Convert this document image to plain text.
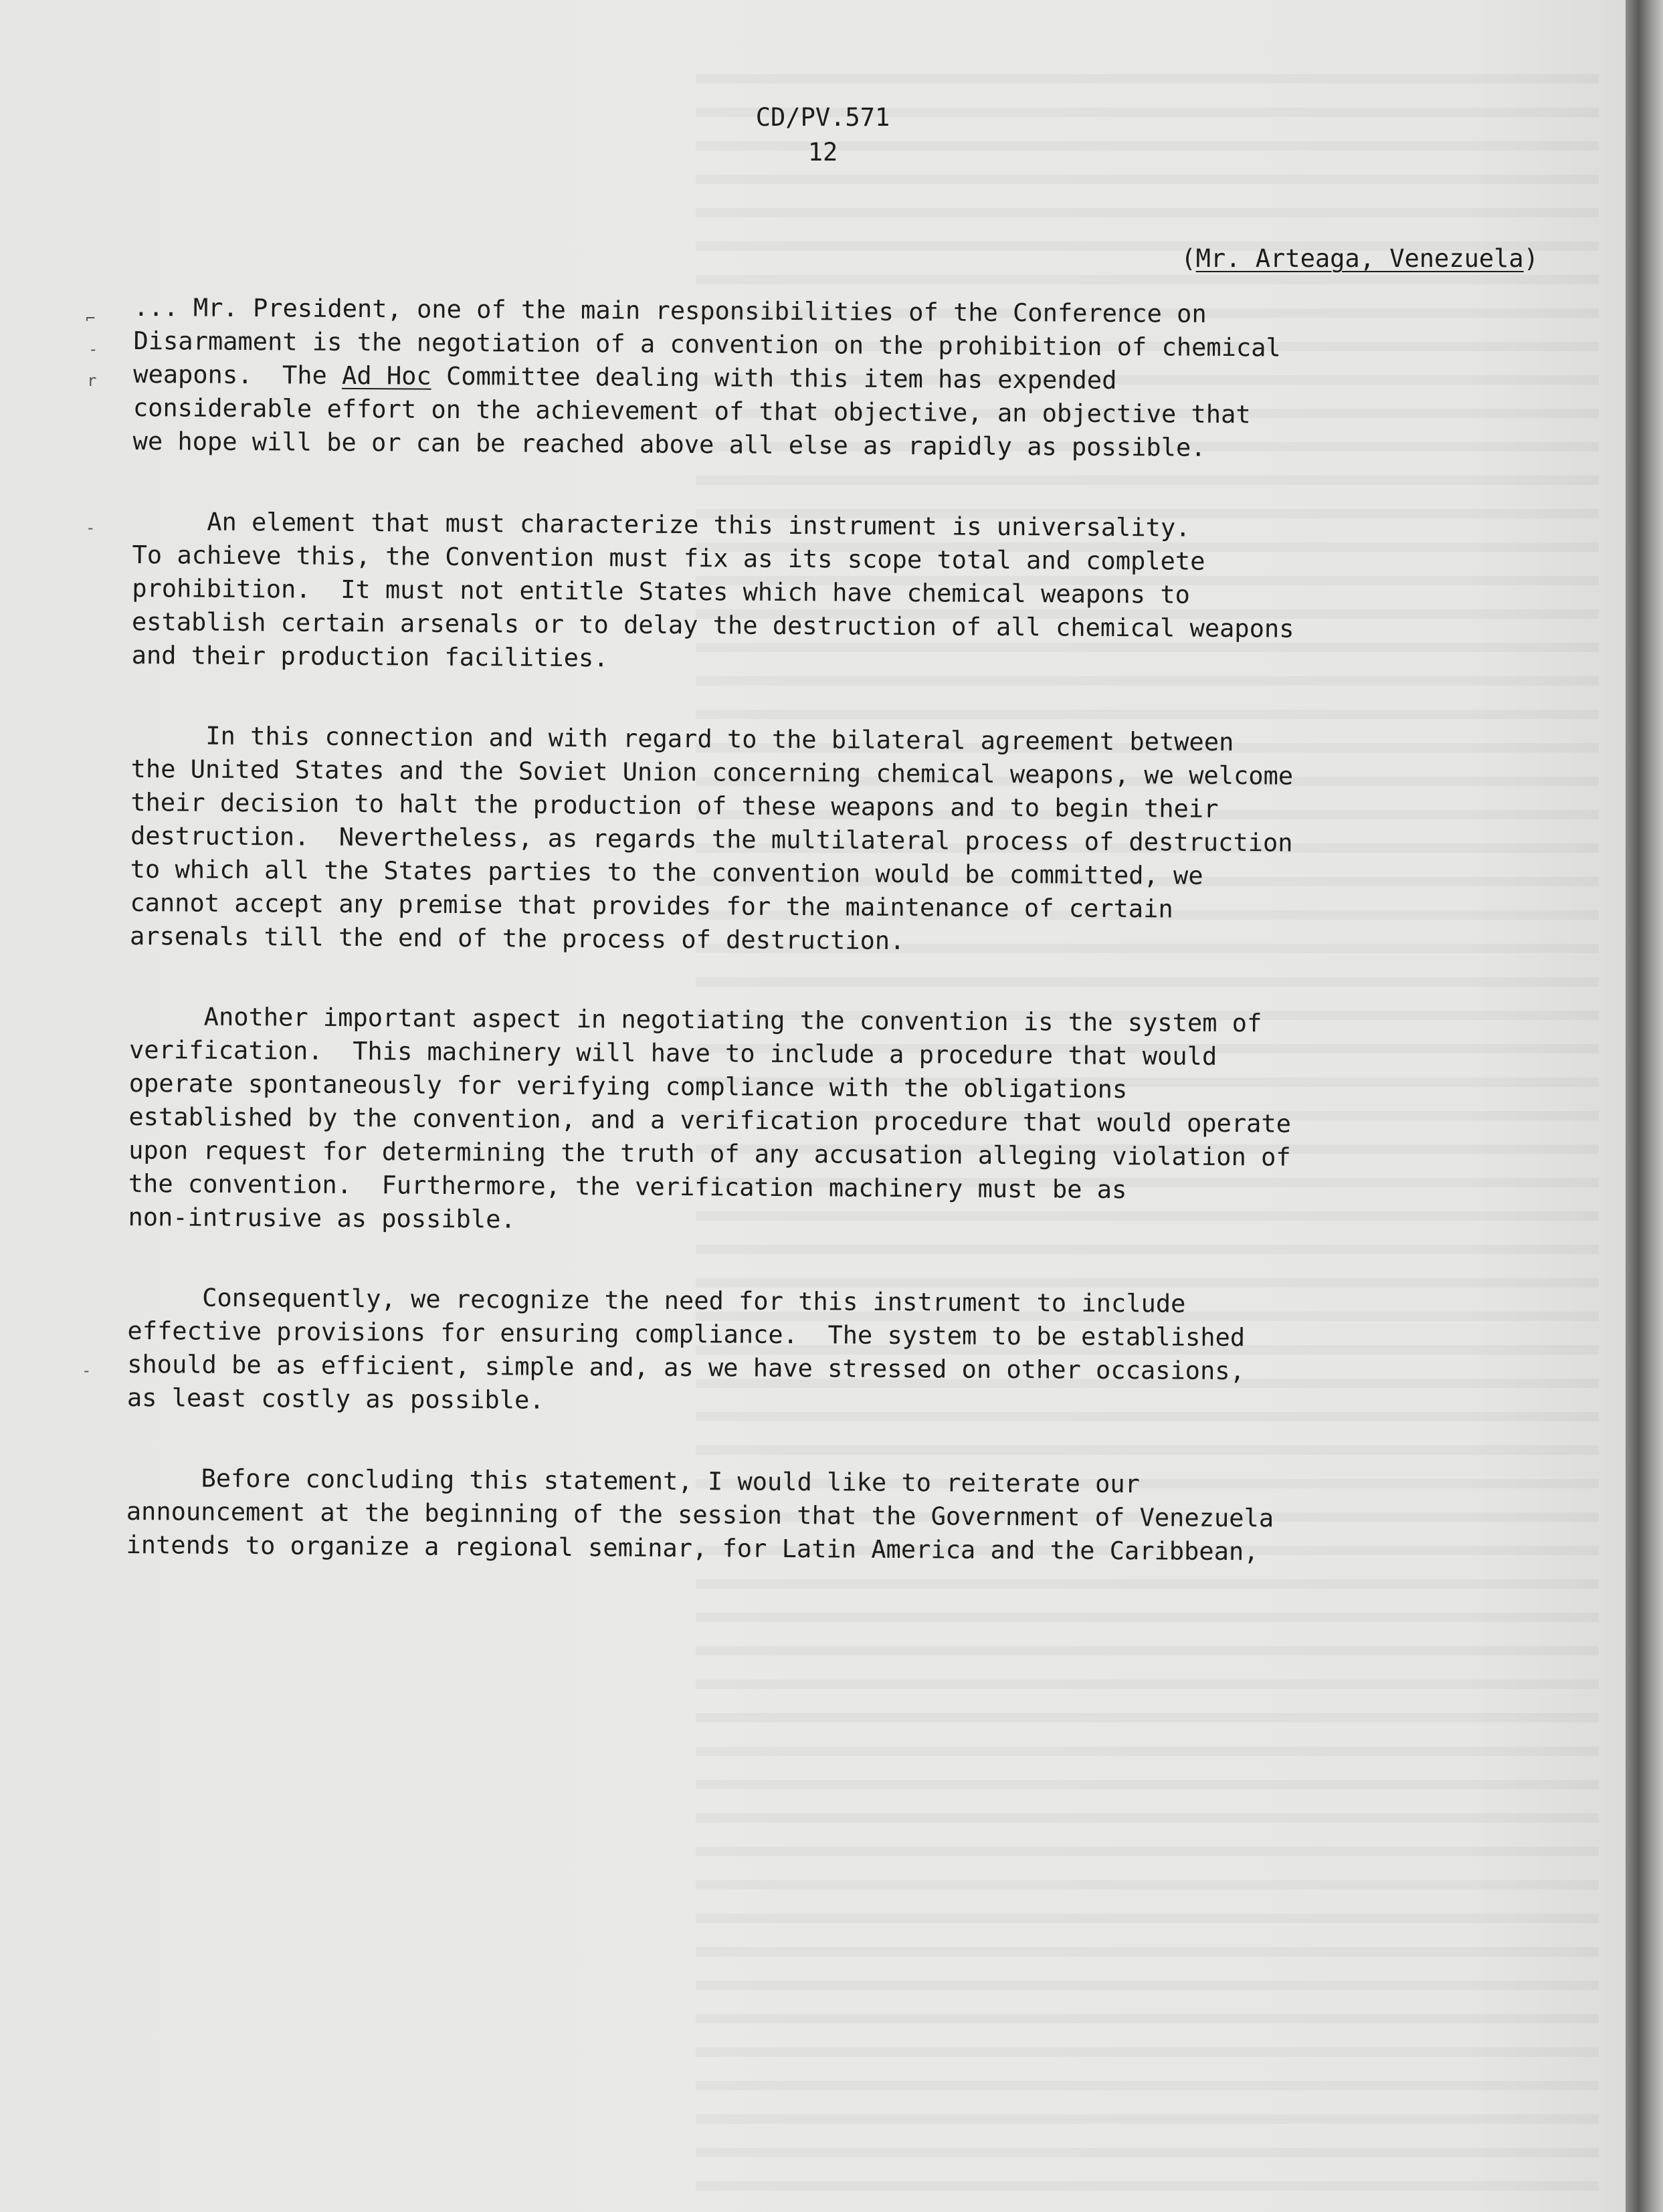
⌐
-
r
-
-
CD/PV.571
12
(Mr. Arteaga, Venezuela)
... Mr. President, one of the main responsibilities of the Conference on
Disarmament is the negotiation of a convention on the prohibition of chemical
weapons.  The Ad Hoc Committee dealing with this item has expended
considerable effort on the achievement of that objective, an objective that
we hope will be or can be reached above all else as rapidly as possible.
An element that must characterize this instrument is universality.
To achieve this, the Convention must fix as its scope total and complete
prohibition.  It must not entitle States which have chemical weapons to
establish certain arsenals or to delay the destruction of all chemical weapons
and their production facilities.
In this connection and with regard to the bilateral agreement between
the United States and the Soviet Union concerning chemical weapons, we welcome
their decision to halt the production of these weapons and to begin their
destruction.  Nevertheless, as regards the multilateral process of destruction
to which all the States parties to the convention would be committed, we
cannot accept any premise that provides for the maintenance of certain
arsenals till the end of the process of destruction.
Another important aspect in negotiating the convention is the system of
verification.  This machinery will have to include a procedure that would
operate spontaneously for verifying compliance with the obligations
established by the convention, and a verification procedure that would operate
upon request for determining the truth of any accusation alleging violation of
the convention.  Furthermore, the verification machinery must be as
non-intrusive as possible.
Consequently, we recognize the need for this instrument to include
effective provisions for ensuring compliance.  The system to be established
should be as efficient, simple and, as we have stressed on other occasions,
as least costly as possible.
Before concluding this statement, I would like to reiterate our
announcement at the beginning of the session that the Government of Venezuela
intends to organize a regional seminar, for Latin America and the Caribbean,
